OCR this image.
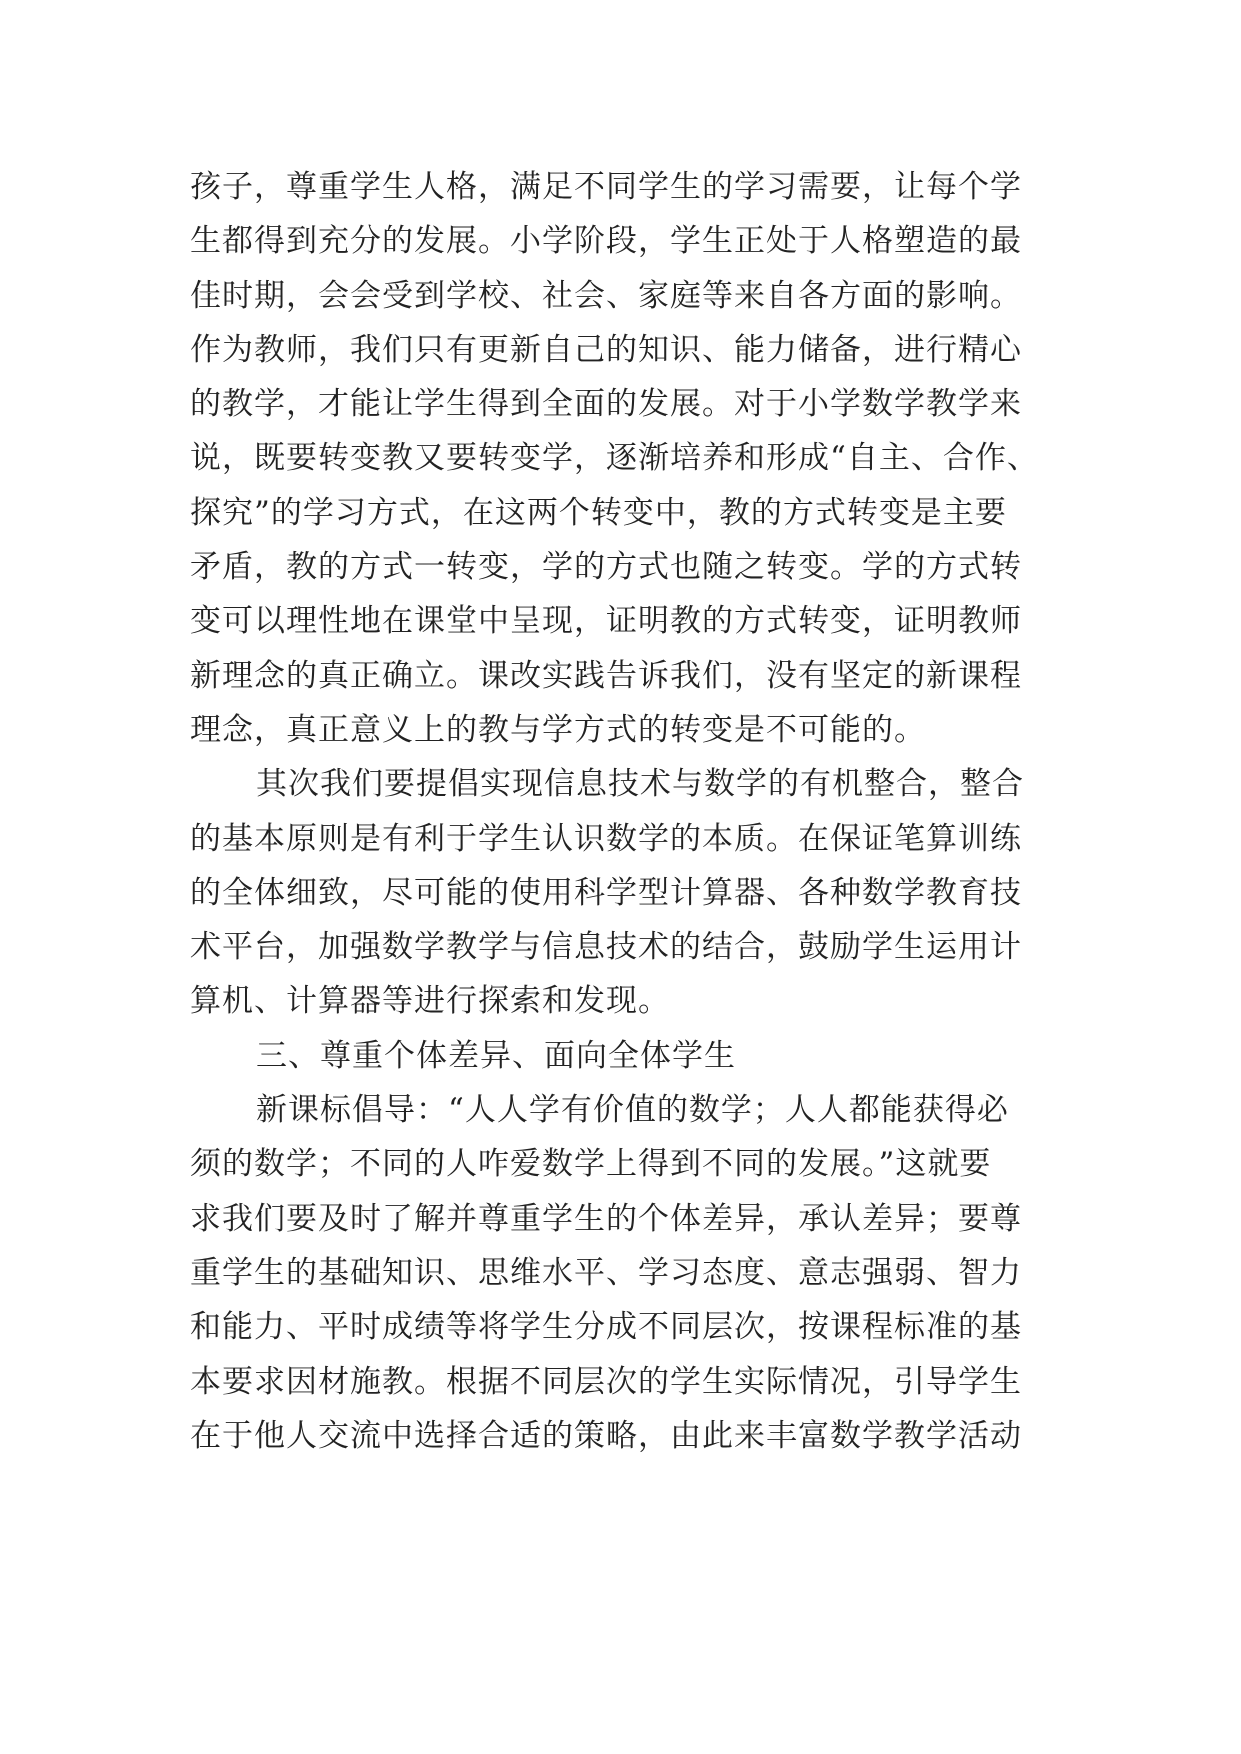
孩子，尊重学生人格，满足不同学生的学习需要，让每个学
生都得到充分的发展。小学阶段，学生正处于人格塑造的最
佳时期，会会受到学校、社会、家庭等来自各方面的影响。
作为教师，我们只有更新自己的知识、能力储备，进行精心
的教学，才能让学生得到全面的发展。对于小学数学教学来
说，既要转变教又要转变学，逐渐培养和形成“自主、合作、
探究”的学习方式，在这两个转变中，教的方式转变是主要
矛盾，教的方式一转变，学的方式也随之转变。学的方式转
变可以理性地在课堂中呈现，证明教的方式转变，证明教师
新理念的真正确立。课改实践告诉我们，没有坚定的新课程
理念，真正意义上的教与学方式的转变是不可能的。
其次我们要提倡实现信息技术与数学的有机整合，整合
的基本原则是有利于学生认识数学的本质。在保证笔算训练
的全体细致，尽可能的使用科学型计算器、各种数学教育技
术平台，加强数学教学与信息技术的结合，鼓励学生运用计
算机、计算器等进行探索和发现。
三、尊重个体差异、面向全体学生
新课标倡导：“人人学有价值的数学；人人都能获得必
须的数学；不同的人咋爱数学上得到不同的发展。”这就要
求我们要及时了解并尊重学生的个体差异，承认差异；要尊
重学生的基础知识、思维水平、学习态度、意志强弱、智力
和能力、平时成绩等将学生分成不同层次，按课程标准的基
本要求因材施教。根据不同层次的学生实际情况，引导学生
在于他人交流中选择合适的策略，由此来丰富数学教学活动
